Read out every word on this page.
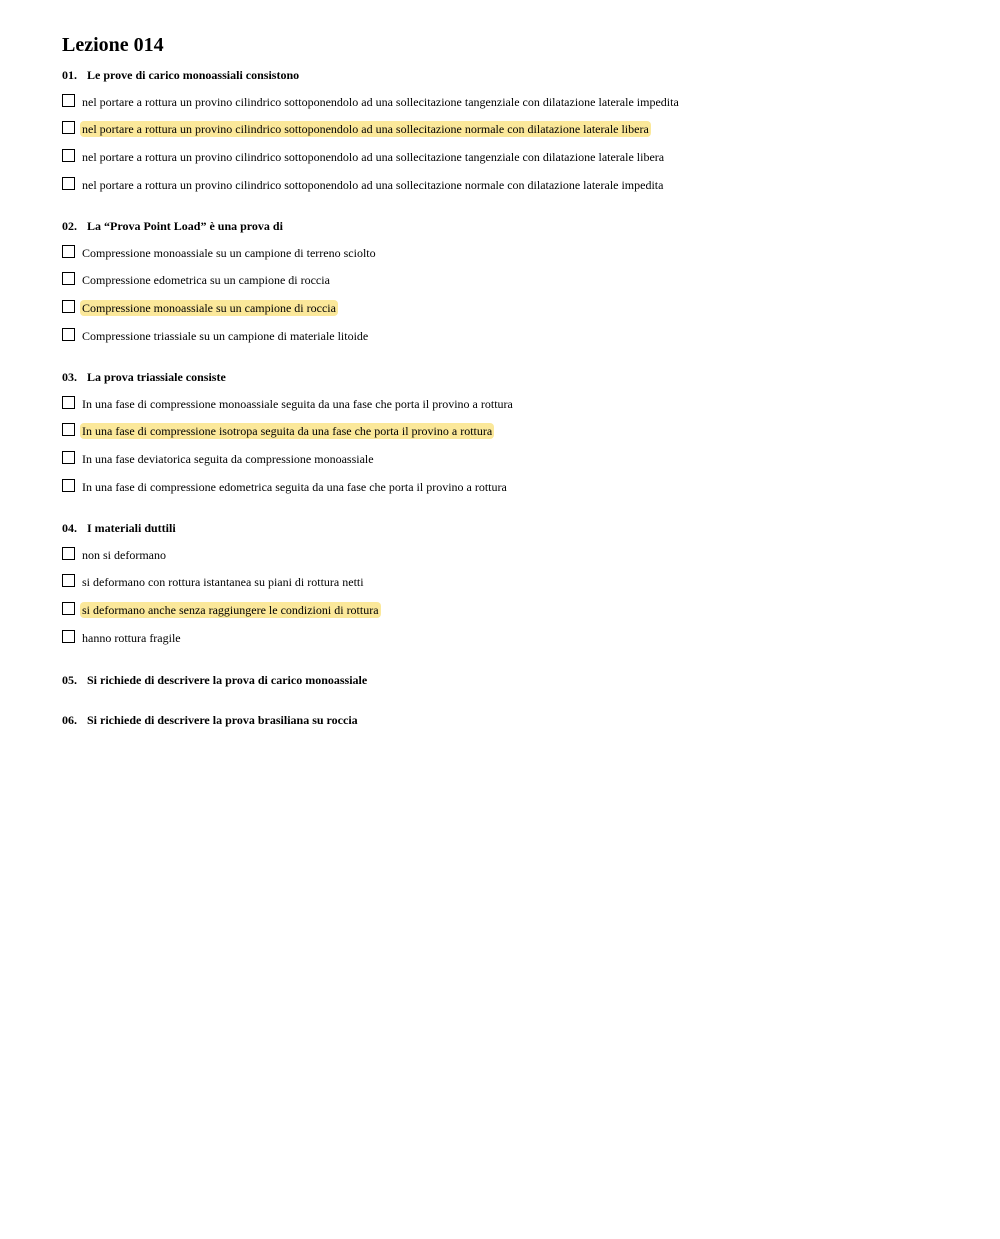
Lezione 014
01. Le prove di carico monoassiali consistono
nel portare a rottura un provino cilindrico sottoponendolo ad una sollecitazione tangenziale con dilatazione laterale impedita
nel portare a rottura un provino cilindrico sottoponendolo ad una sollecitazione normale con dilatazione laterale libera
nel portare a rottura un provino cilindrico sottoponendolo ad una sollecitazione tangenziale con dilatazione laterale libera
nel portare a rottura un provino cilindrico sottoponendolo ad una sollecitazione normale con dilatazione laterale impedita
02. La “Prova Point Load” è una prova di
Compressione monoassiale su un campione di terreno sciolto
Compressione edometrica su un campione di roccia
Compressione monoassiale su un campione di roccia
Compressione triassiale su un campione di materiale litoide
03. La prova triassiale consiste
In una fase di compressione monoassiale seguita da una fase che porta il provino a rottura
In una fase di compressione isotropa seguita da una fase che porta il provino a rottura
In una fase deviatorica seguita da compressione monoassiale
In una fase di compressione edometrica seguita da una fase che porta il provino a rottura
04. I materiali duttili
non si deformano
si deformano con rottura istantanea su piani di rottura netti
si deformano anche senza raggiungere le condizioni di rottura
hanno rottura fragile
05. Si richiede di descrivere la prova di carico monoassiale
06. Si richiede di descrivere la prova brasiliana su roccia
